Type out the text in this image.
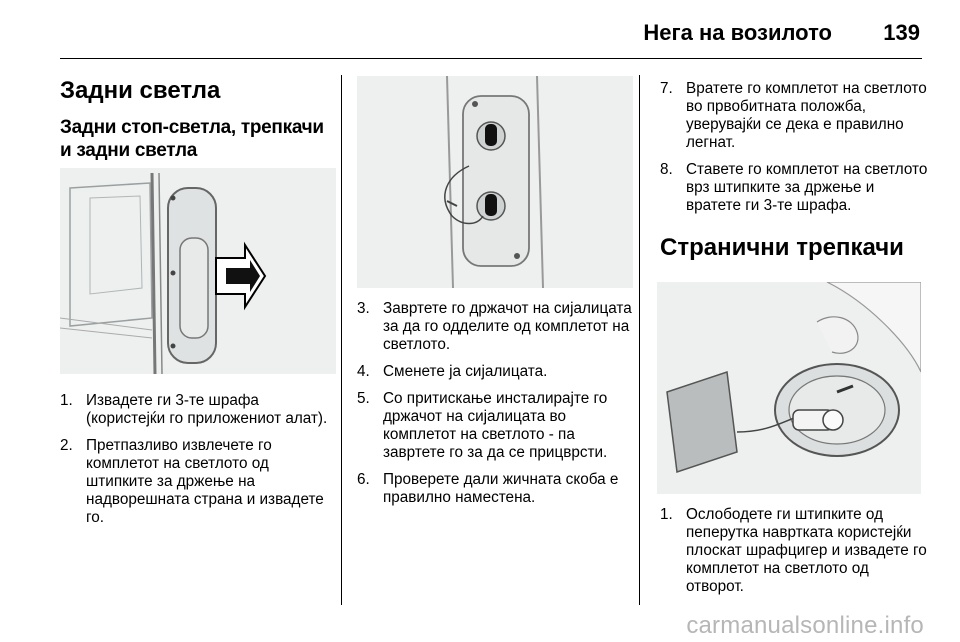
Нега на возилото 139
Задни светла
Задни стоп-светла, трепкачи и задни светла
1. Извадете ги 3-те шрафа (користејќи го приложениот алат).
2. Претпазливо извлечете го комплетот на светлото од штипките за држење на надворешната страна и извадете го.
3. Завртете го држачот на сијалицата за да го одделите од комплетот на светлото.
4. Сменете ја сијалицата.
5. Со притискање инсталирајте го држачот на сијалицата во комплетот на светлото - па завртете го за да се прицврсти.
6. Проверете дали жичната скоба е правилно наместена.
7. Вратете го комплетот на светлото во првобитната положба, уверувајќи се дека е правилно легнат.
8. Ставете го комплетот на светлото врз штипките за држење и вратете ги 3-те шрафа.
Странични трепкачи
1. Ослободете ги штипките од пеперутка навртката користејќи плоскат шрафцигер и извадете го комплетот на светлото од отворот.
carmanualsonline.info
